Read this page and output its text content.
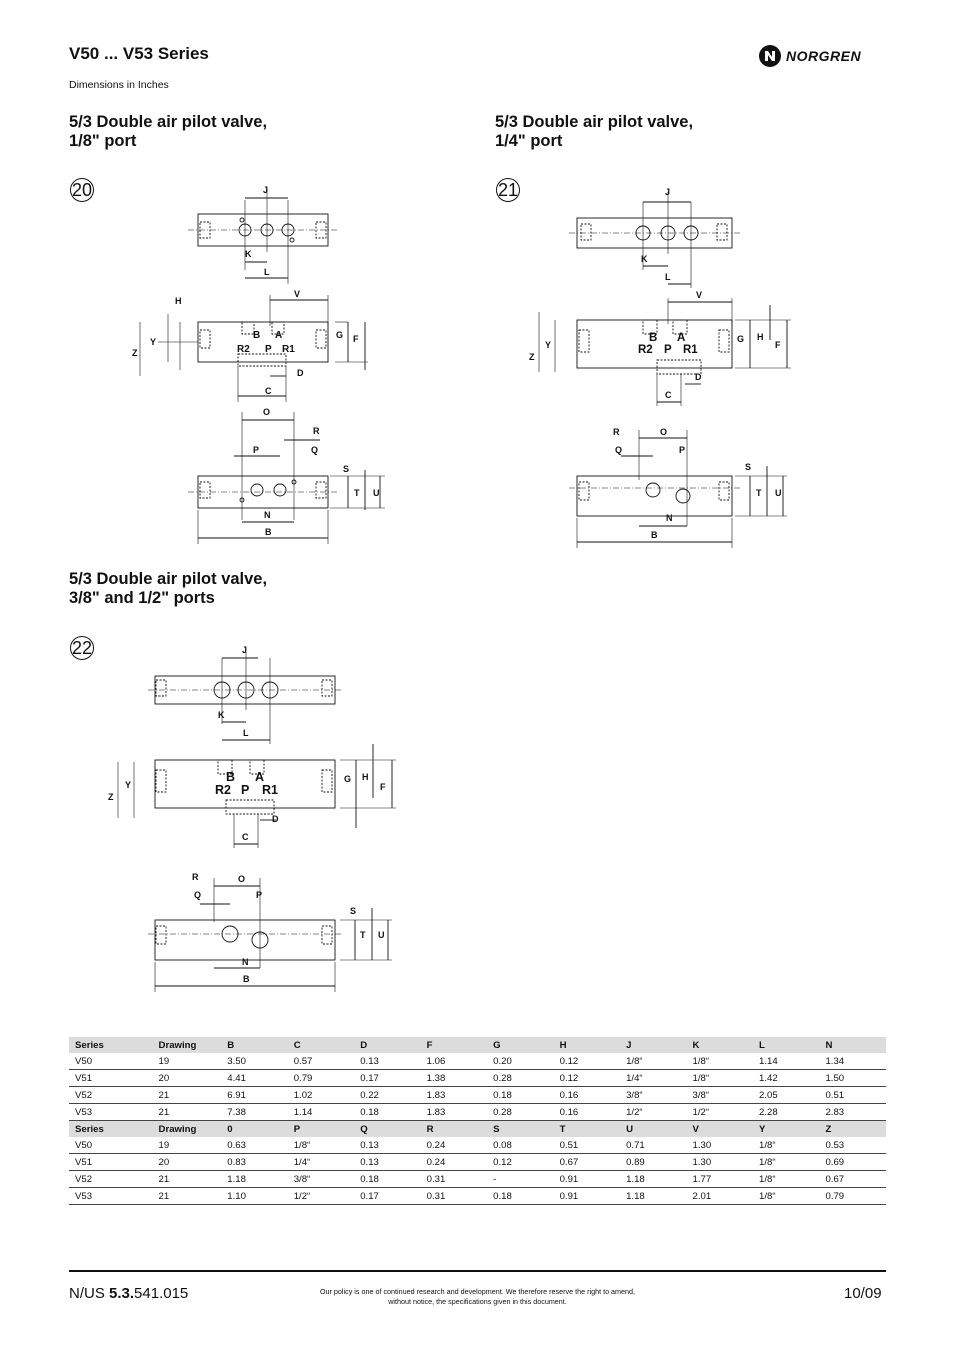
V50 ... V53 Series
Dimensions in Inches
NORGREN
5/3 Double air pilot valve,
1/8" port
5/3 Double air pilot valve,
1/4" port
5/3 Double air pilot valve,
3/8" and 1/2" ports
20	21
22
J
K
L
V
H
Y
Z
G F
D
C
O
R
P	Q
S
T U
N
B
B A
R2 P R1
J
K
L
V
Y
Z
G H
F
D
C
R	O
Q	P
S
T U
N
B
B A
R2 P R1
J
K
L
Y
Z
G H
F
D
C
R	O
Q	P
S
T U
N
B
B A
R2 P R1
Series	Drawing	B	C	D	F	G	H	J	K	L	N
V50	19	3.50	0.57	0.13	1.06	0.20	0.12	1/8“	1/8“	1.14	1.34
V51	20	4.41	0.79	0.17	1.38	0.28	0.12	1/4“	1/8“	1.42	1.50
V52	21	6.91	1.02	0.22	1.83	0.18	0.16	3/8“	3/8“	2.05	0.51
V53	21	7.38	1.14	0.18	1.83	0.28	0.16	1/2“	1/2“	2.28	2.83
Series	Drawing	0	P	Q	R	S	T	U	V	Y	Z
V50	19	0.63	1/8“	0.13	0.24	0.08	0.51	0.71	1.30	1/8“	0.53
V51	20	0.83	1/4“	0.13	0.24	0.12	0.67	0.89	1.30	1/8“	0.69
V52	21	1.18	3/8“	0.18	0.31	-	0.91	1.18	1.77	1/8“	0.67
V53	21	1.10	1/2“	0.17	0.31	0.18	0.91	1.18	2.01	1/8“	0.79
N/US 5.3.541.015	Our policy is one of continued research and development. We therefore reserve the right to amend,
without notice, the specifications given in this document.	10/09
